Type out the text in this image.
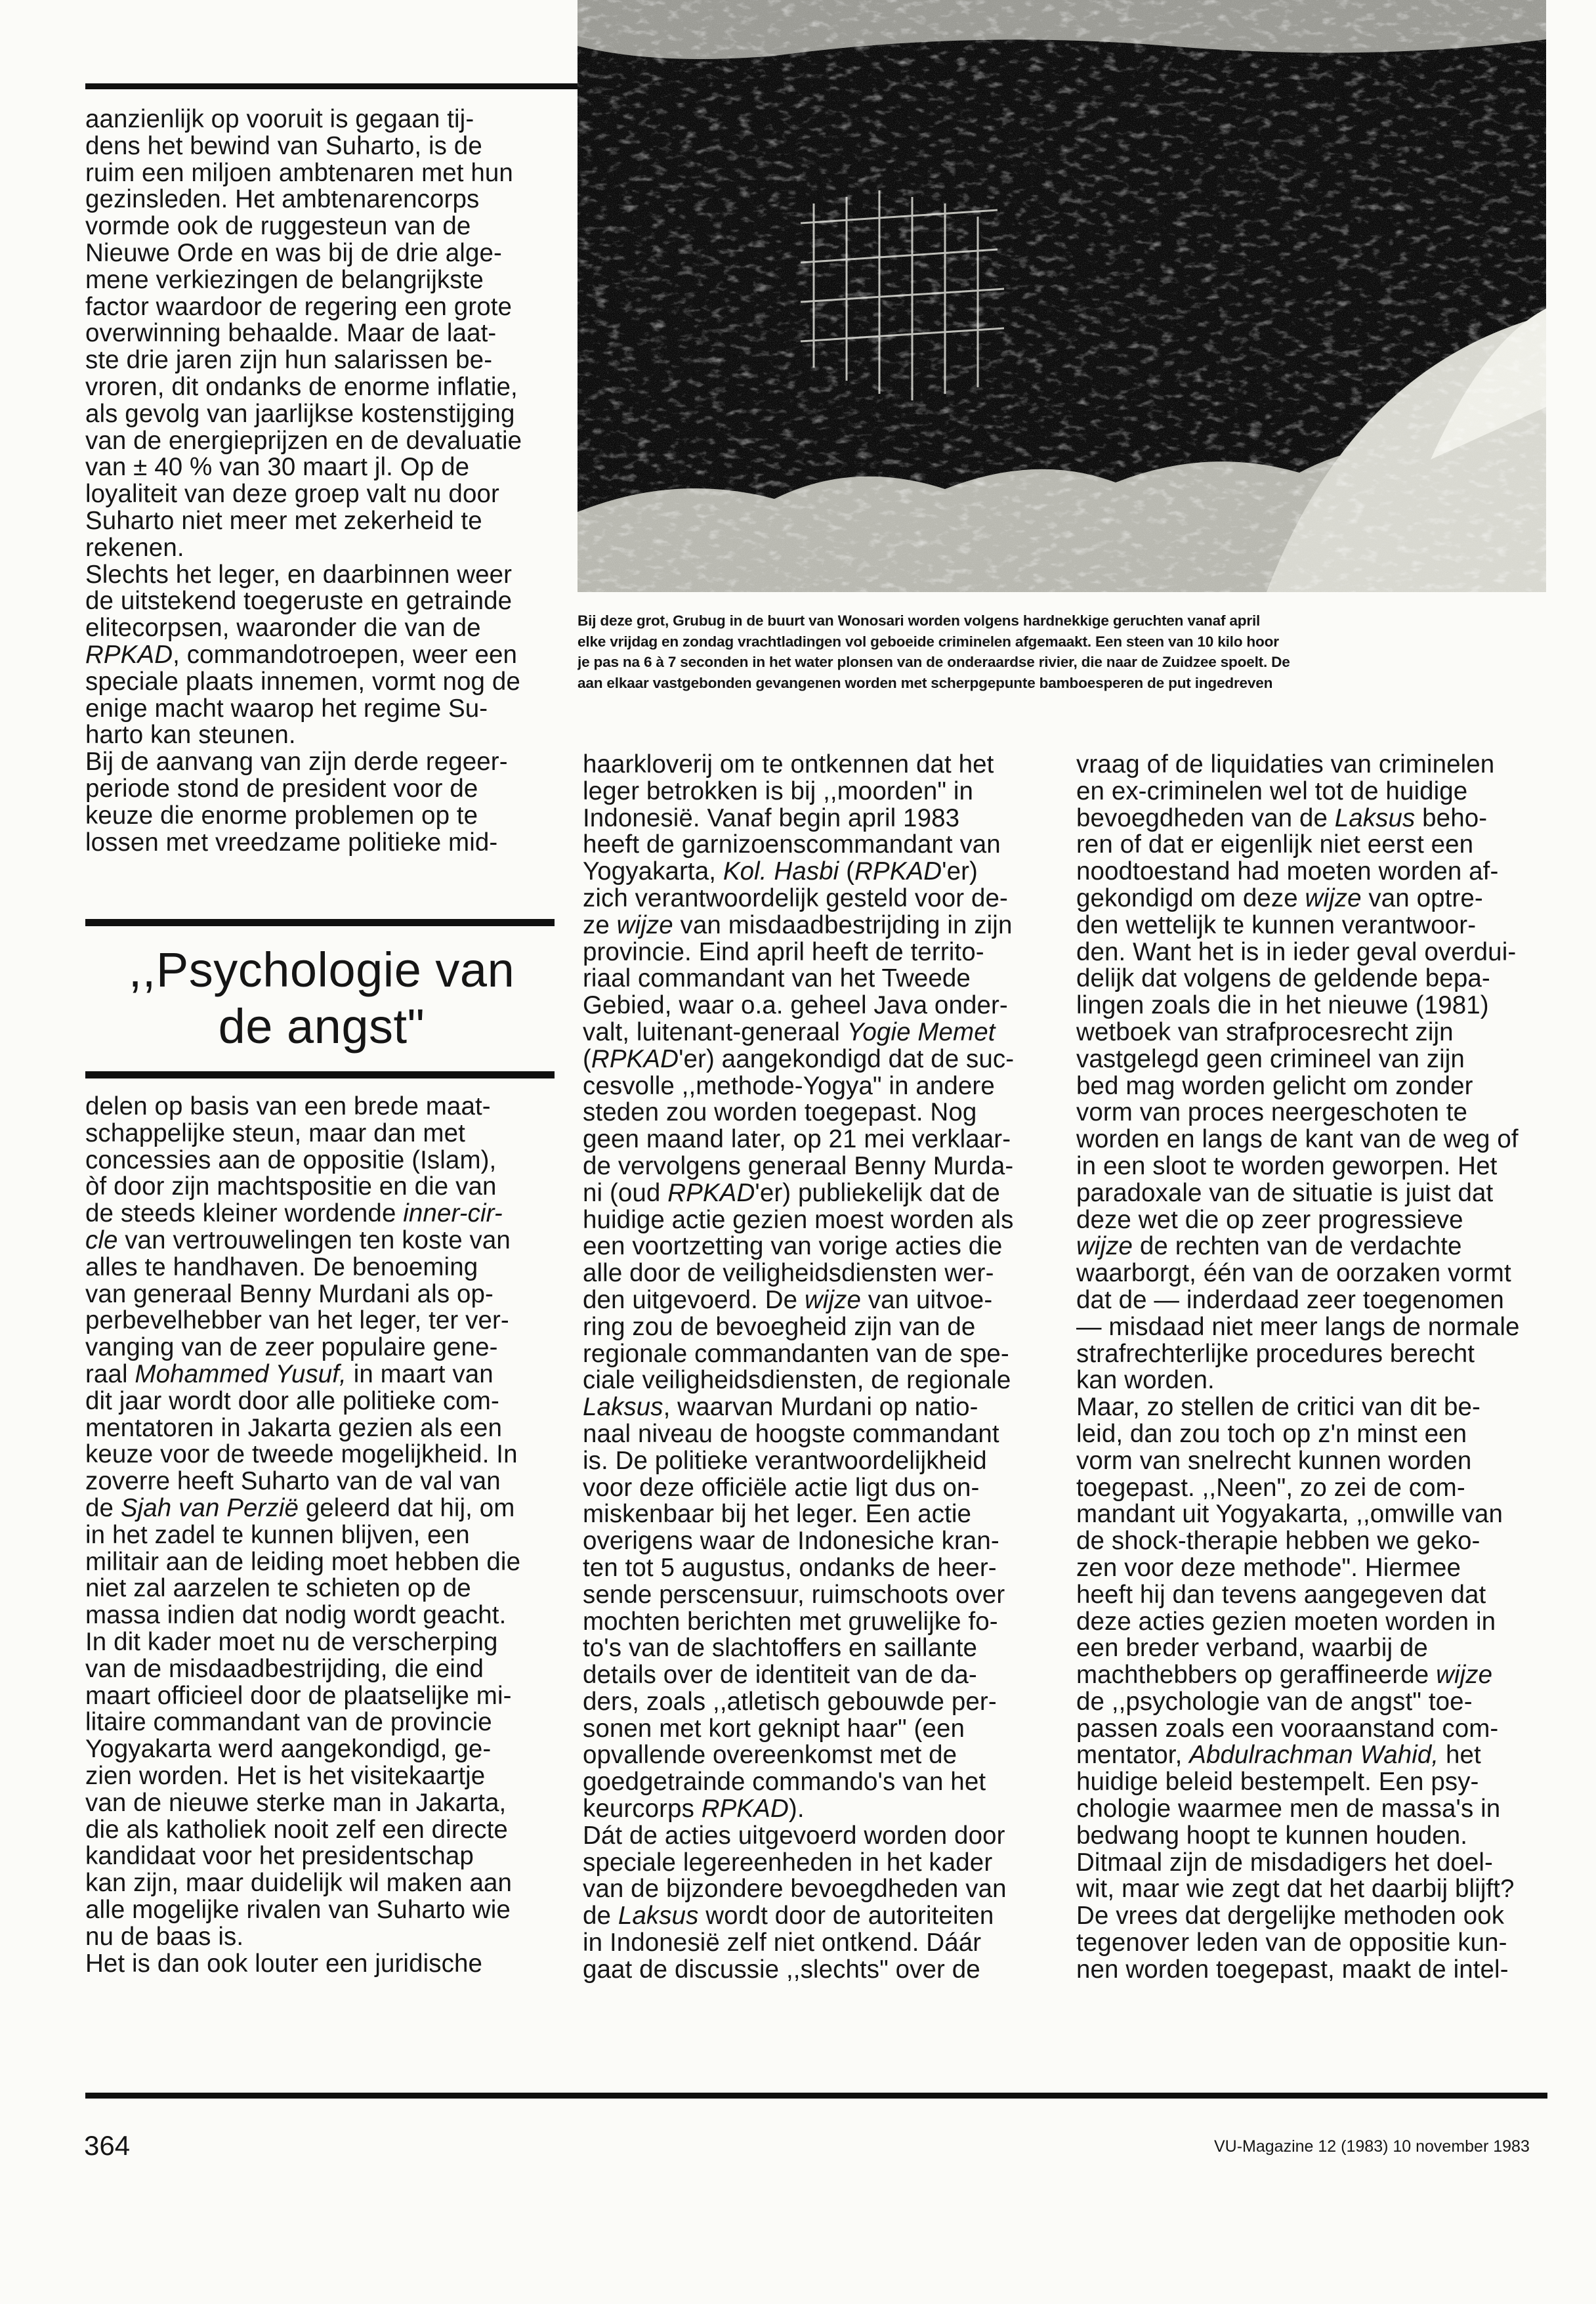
Bij deze grot, Grubug in de buurt van Wonosari worden volgens hardnekkige geruchten vanaf april
elke vrijdag en zondag vrachtladingen vol geboeide criminelen afgemaakt. Een steen van 10 kilo hoor
je pas na 6 à 7 seconden in het water plonsen van de onderaardse rivier, die naar de Zuidzee spoelt. De
aan elkaar vastgebonden gevangenen worden met scherpgepunte bamboesperen de put ingedreven

aanzienlijk op vooruit is gegaan tij-

dens het bewind van Suharto, is de

ruim een miljoen ambtenaren met hun

gezinsleden. Het ambtenarencorps

vormde ook de ruggesteun van de

Nieuwe Orde en was bij de drie alge-

mene verkiezingen de belangrijkste

factor waardoor de regering een grote

overwinning behaalde. Maar de laat-

ste drie jaren zijn hun salarissen be-

vroren, dit ondanks de enorme inflatie,

als gevolg van jaarlijkse kostenstijging

van de energieprijzen en de devaluatie

van ± 40 % van 30 maart jl. Op de

loyaliteit van deze groep valt nu door

Suharto niet meer met zekerheid te

rekenen.

Slechts het leger, en daarbinnen weer

de uitstekend toegeruste en getrainde

elitecorpsen, waaronder die van de

RPKAD, commandotroepen, weer een

speciale plaats innemen, vormt nog de

enige macht waarop het regime Su-

harto kan steunen.

Bij de aanvang van zijn derde regeer-

periode stond de president voor de

keuze die enorme problemen op te

lossen met vreedzame politieke mid-

,,Psychologie van
de angst"

delen op basis van een brede maat-

schappelijke steun, maar dan met

concessies aan de oppositie (Islam),

òf door zijn machtspositie en die van

de steeds kleiner wordende inner-cir-

cle van vertrouwelingen ten koste van

alles te handhaven. De benoeming

van generaal Benny Murdani als op-

perbevelhebber van het leger, ter ver-

vanging van de zeer populaire gene-

raal Mohammed Yusuf, in maart van

dit jaar wordt door alle politieke com-

mentatoren in Jakarta gezien als een

keuze voor de tweede mogelijkheid. In

zoverre heeft Suharto van de val van

de Sjah van Perzië geleerd dat hij, om

in het zadel te kunnen blijven, een

militair aan de leiding moet hebben die

niet zal aarzelen te schieten op de

massa indien dat nodig wordt geacht.

In dit kader moet nu de verscherping

van de misdaadbestrijding, die eind

maart officieel door de plaatselijke mi-

litaire commandant van de provincie

Yogyakarta werd aangekondigd, ge-

zien worden. Het is het visitekaartje

van de nieuwe sterke man in Jakarta,

die als katholiek nooit zelf een directe

kandidaat voor het presidentschap

kan zijn, maar duidelijk wil maken aan

alle mogelijke rivalen van Suharto wie

nu de baas is.

Het is dan ook louter een juridische

haarkloverij om te ontkennen dat het

leger betrokken is bij ,,moorden" in

Indonesië. Vanaf begin april 1983

heeft de garnizoenscommandant van

Yogyakarta, Kol. Hasbi (RPKAD'er)

zich verantwoordelijk gesteld voor de-

ze wijze van misdaadbestrijding in zijn

provincie. Eind april heeft de territo-

riaal commandant van het Tweede

Gebied, waar o.a. geheel Java onder-

valt, luitenant-generaal Yogie Memet

(RPKAD'er) aangekondigd dat de suc-

cesvolle ,,methode-Yogya" in andere

steden zou worden toegepast. Nog

geen maand later, op 21 mei verklaar-

de vervolgens generaal Benny Murda-

ni (oud RPKAD'er) publiekelijk dat de

huidige actie gezien moest worden als

een voortzetting van vorige acties die

alle door de veiligheidsdiensten wer-

den uitgevoerd. De wijze van uitvoe-

ring zou de bevoegheid zijn van de

regionale commandanten van de spe-

ciale veiligheidsdiensten, de regionale

Laksus, waarvan Murdani op natio-

naal niveau de hoogste commandant

is. De politieke verantwoordelijkheid

voor deze officiële actie ligt dus on-

miskenbaar bij het leger. Een actie

overigens waar de Indonesiche kran-

ten tot 5 augustus, ondanks de heer-

sende perscensuur, ruimschoots over

mochten berichten met gruwelijke fo-

to's van de slachtoffers en saillante

details over de identiteit van de da-

ders, zoals ,,atletisch gebouwde per-

sonen met kort geknipt haar" (een

opvallende overeenkomst met de

goedgetrainde commando's van het

keurcorps RPKAD).

Dát de acties uitgevoerd worden door

speciale legereenheden in het kader

van de bijzondere bevoegdheden van

de Laksus wordt door de autoriteiten

in Indonesië zelf niet ontkend. Dáár

gaat de discussie ,,slechts" over de

vraag of de liquidaties van criminelen

en ex-criminelen wel tot de huidige

bevoegdheden van de Laksus beho-

ren of dat er eigenlijk niet eerst een

noodtoestand had moeten worden af-

gekondigd om deze wijze van optre-

den wettelijk te kunnen verantwoor-

den. Want het is in ieder geval overdui-

delijk dat volgens de geldende bepa-

lingen zoals die in het nieuwe (1981)

wetboek van strafprocesrecht zijn

vastgelegd geen crimineel van zijn

bed mag worden gelicht om zonder

vorm van proces neergeschoten te

worden en langs de kant van de weg of

in een sloot te worden geworpen. Het

paradoxale van de situatie is juist dat

deze wet die op zeer progressieve

wijze de rechten van de verdachte

waarborgt, één van de oorzaken vormt

dat de — inderdaad zeer toegenomen

— misdaad niet meer langs de normale

strafrechterlijke procedures berecht

kan worden.

Maar, zo stellen de critici van dit be-

leid, dan zou toch op z'n minst een

vorm van snelrecht kunnen worden

toegepast. ,,Neen", zo zei de com-

mandant uit Yogyakarta, ,,omwille van

de shock-therapie hebben we geko-

zen voor deze methode". Hiermee

heeft hij dan tevens aangegeven dat

deze acties gezien moeten worden in

een breder verband, waarbij de

machthebbers op geraffineerde wijze

de ,,psychologie van de angst" toe-

passen zoals een vooraanstand com-

mentator, Abdulrachman Wahid, het

huidige beleid bestempelt. Een psy-

chologie waarmee men de massa's in

bedwang hoopt te kunnen houden.

Ditmaal zijn de misdadigers het doel-

wit, maar wie zegt dat het daarbij blijft?

De vrees dat dergelijke methoden ook

tegenover leden van de oppositie kun-

nen worden toegepast, maakt de intel-

364	VU-Magazine 12 (1983) 10 november 1983
